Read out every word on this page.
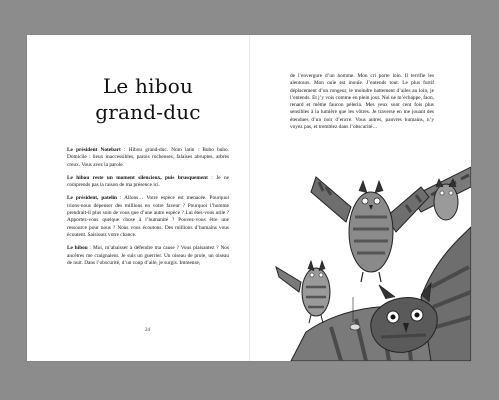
Le hibou
grand-duc

Le président Notebart : Hibou grand-duc. Nom latin : Bubo bubo. Domicile : lieux inaccessibles, parois rocheuses, falaises abruptes, arbres creux. Vous avez la parole.

Le hibou reste un moment silencieux, puis brusquement : Je ne comprends pas la raison de ma présence ici.

Le président, patelin : Allons… Votre espèce est menacée. Pourquoi irions-nous dépenser des millions en votre faveur ? Pourquoi l’homme prendrait-il plus soin de vous que d’une autre espèce ? Lui êtes-vous utile ? Apportez-vous quelque chose à l’humanité ? Pouvez-vous être une ressource pour nous ? Nous vous écoutons. Des millions d’humains vous écoutent. Saisissez votre chance.

Le hibou : Moi, m’abaisser à défendre ma cause ? Vous plaisantez ? Nos ancêtres me craignaient. Je suis un guerrier. Un oiseau de proie, un oiseau de nuit. Dans l’obscurité, d’un coup d’aile, je surgis. Immense,

24

de l’envergure d’un homme. Mon cri porte loin. Il terrifie les alentours. Mon ouïe est inouïe. J’entends tout. Le plus furtif déplacement d’un rongeur, le moindre battement d’ailes au loin, je l’entends. Et j’y vois comme en plein jour. Nul ne m’échappe, faon, renard et même faucon pèlerin. Mes yeux sont cent fois plus sensibles à la lumière que les vôtres. Je traverse en me jouant des étendues d’un noir d’encre. Vous autres, pauvres humains, n’y voyez pas, et tremblez dans l’obscurité…
